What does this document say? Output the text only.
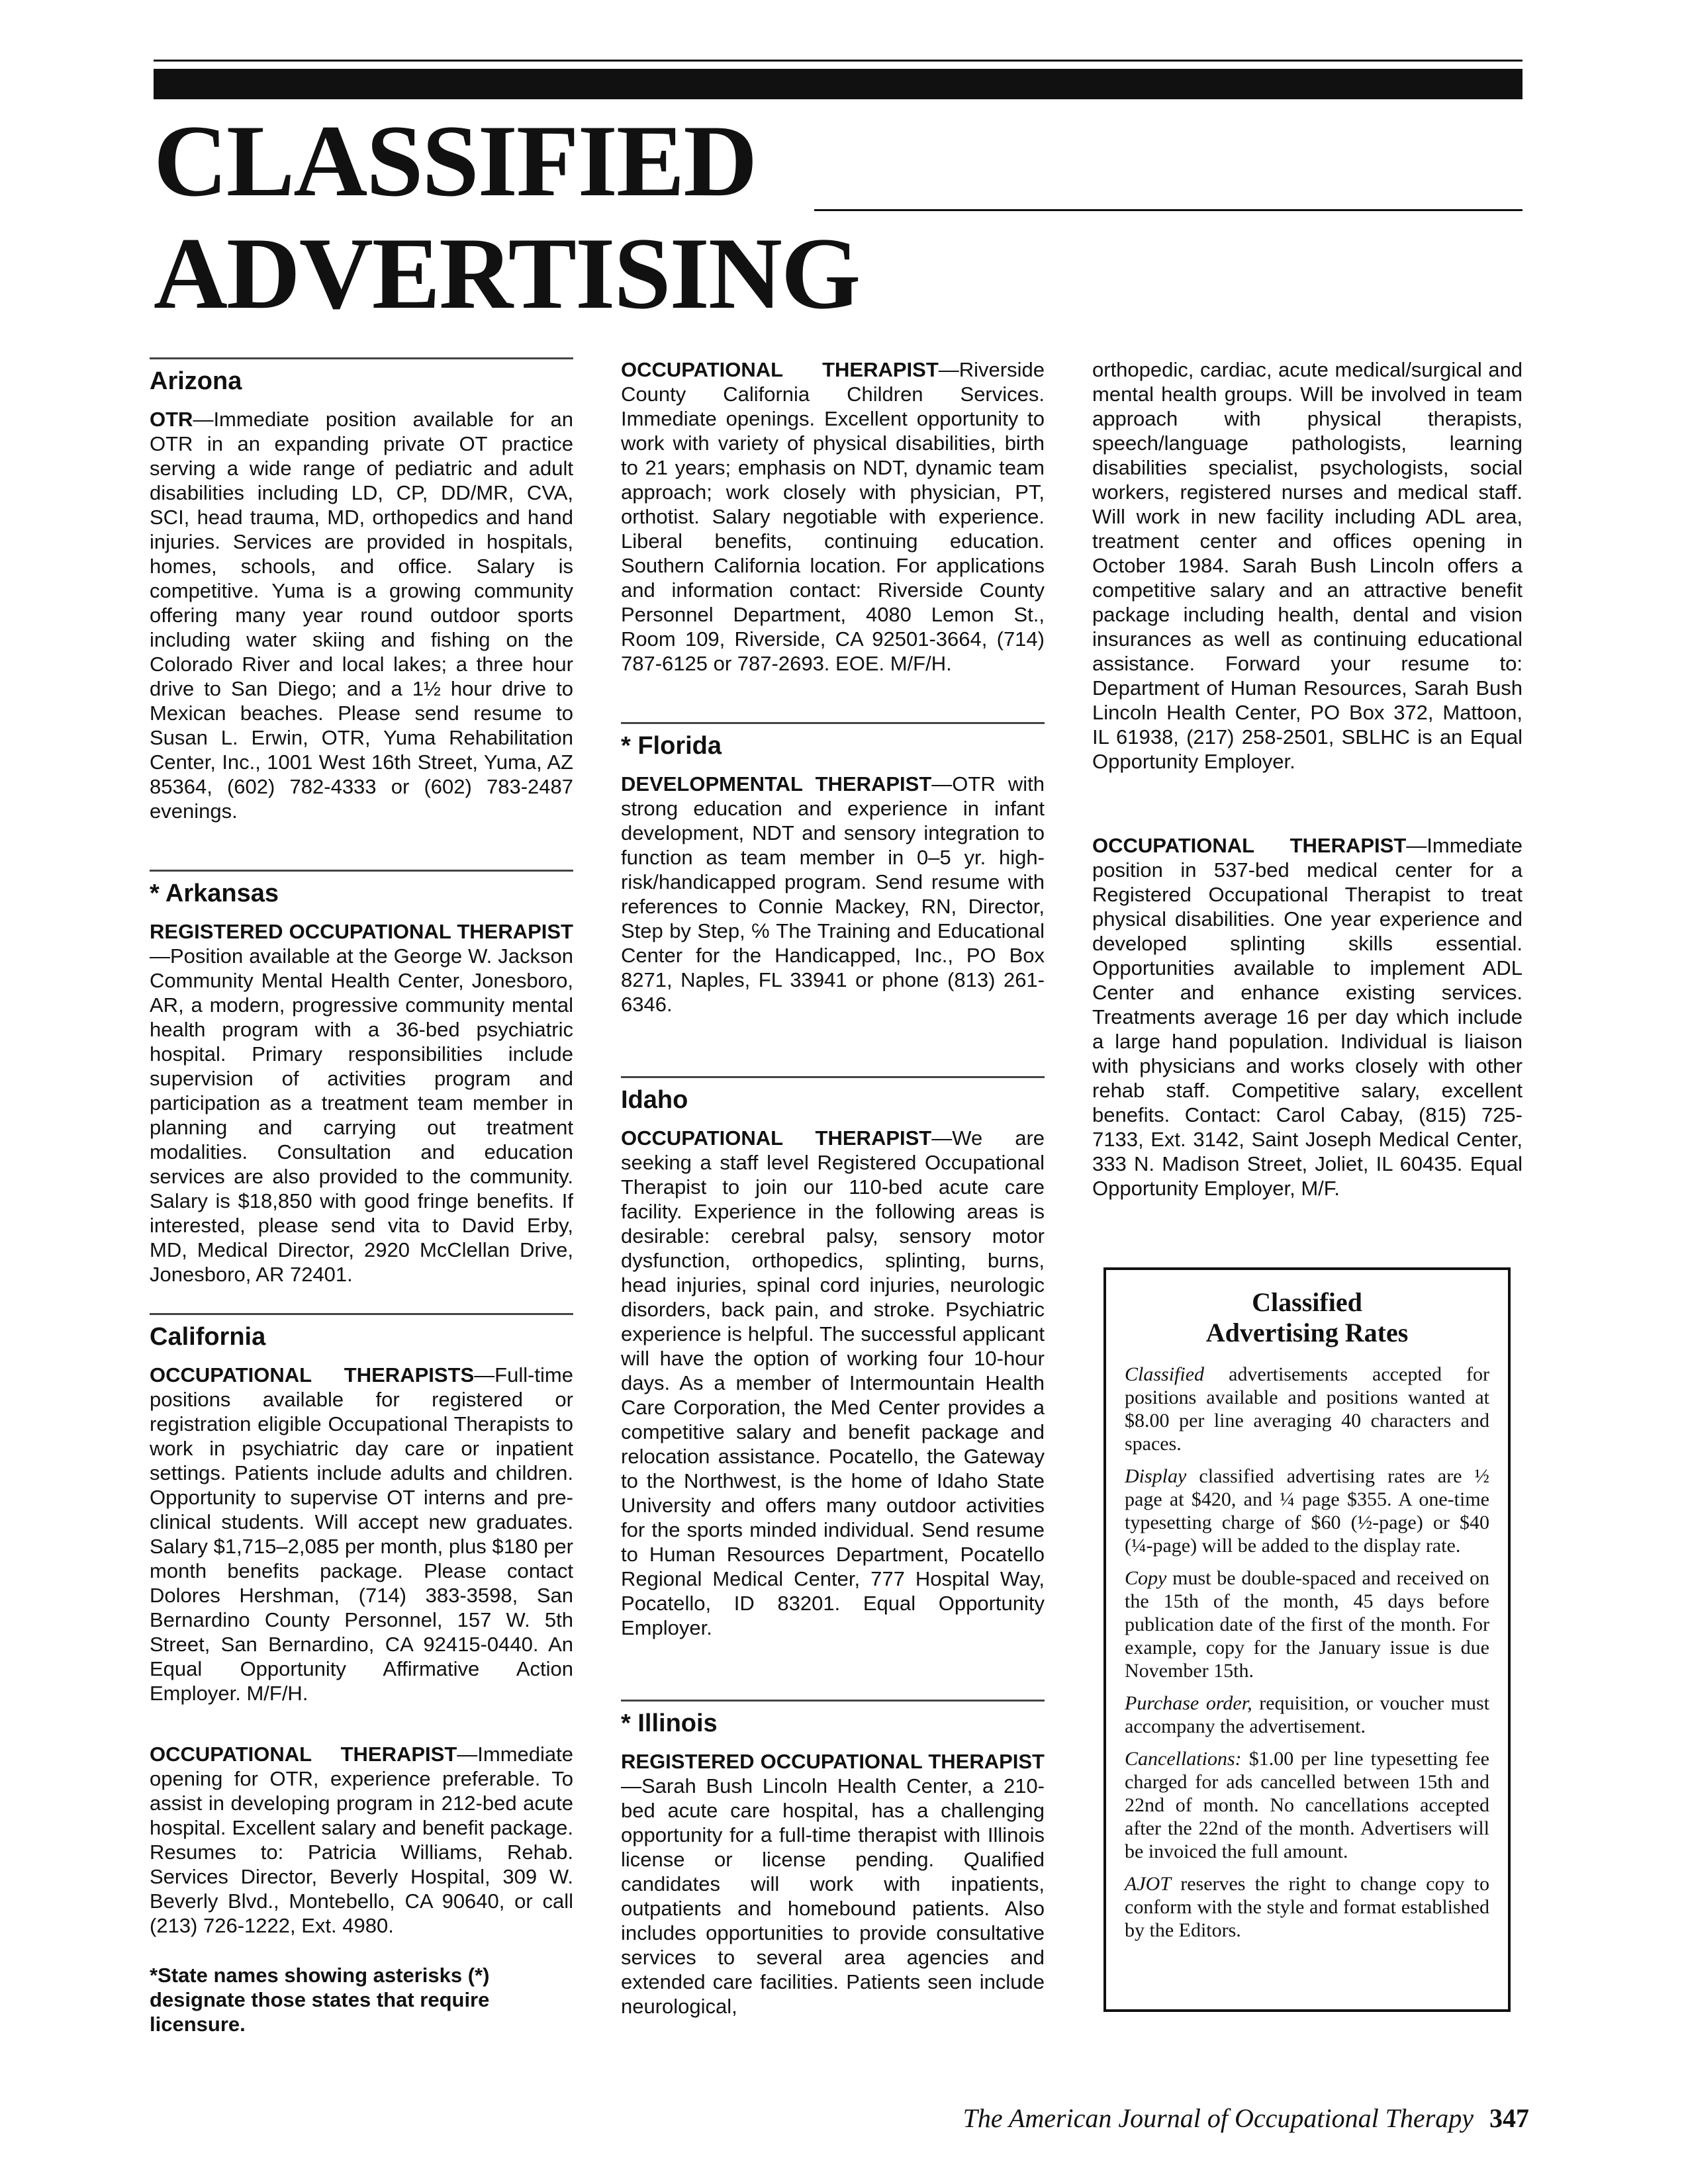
CLASSIFIED
ADVERTISING
Arizona

OTR—Immediate position available for an OTR in an expanding private OT practice serving a wide range of pediatric and adult disabilities including LD, CP, DD/MR, CVA, SCI, head trauma, MD, orthopedics and hand injuries. Services are provided in hospitals, homes, schools, and office. Salary is competitive. Yuma is a growing community offering many year round outdoor sports including water skiing and fishing on the Colorado River and local lakes; a three hour drive to San Diego; and a 1½ hour drive to Mexican beaches. Please send resume to Susan L. Erwin, OTR, Yuma Rehabilitation Center, Inc., 1001 West 16th Street, Yuma, AZ 85364, (602) 782-4333 or (602) 783-2487 evenings.

* Arkansas

REGISTERED OCCUPATIONAL THERAPIST—Position available at the George W. Jackson Community Mental Health Center, Jonesboro, AR, a modern, progressive community mental health program with a 36-bed psychiatric hospital. Primary responsibilities include supervision of activities program and participation as a treatment team member in planning and carrying out treatment modalities. Consultation and education services are also provided to the community. Salary is $18,850 with good fringe benefits. If interested, please send vita to David Erby, MD, Medical Director, 2920 McClellan Drive, Jonesboro, AR 72401.

California

OCCUPATIONAL THERAPISTS—Full-time positions available for registered or registration eligible Occupational Therapists to work in psychiatric day care or inpatient settings. Patients include adults and children. Opportunity to supervise OT interns and pre-clinical students. Will accept new graduates. Salary $1,715–2,085 per month, plus $180 per month benefits package. Please contact Dolores Hershman, (714) 383-3598, San Bernardino County Personnel, 157 W. 5th Street, San Bernardino, CA 92415-0440. An Equal Opportunity Affirmative Action Employer. M/F/H.

OCCUPATIONAL THERAPIST—Immediate opening for OTR, experience preferable. To assist in developing program in 212-bed acute hospital. Excellent salary and benefit package. Resumes to: Patricia Williams, Rehab. Services Director, Beverly Hospital, 309 W. Beverly Blvd., Montebello, CA 90640, or call (213) 726-1222, Ext. 4980.

*State names showing asterisks (*) designate those states that require licensure.

OCCUPATIONAL THERAPIST—Riverside County California Children Services. Immediate openings. Excellent opportunity to work with variety of physical disabilities, birth to 21 years; emphasis on NDT, dynamic team approach; work closely with physician, PT, orthotist. Salary negotiable with experience. Liberal benefits, continuing education. Southern California location. For applications and information contact: Riverside County Personnel Department, 4080 Lemon St., Room 109, Riverside, CA 92501-3664, (714) 787-6125 or 787-2693. EOE. M/F/H.

* Florida

DEVELOPMENTAL THERAPIST—OTR with strong education and experience in infant development, NDT and sensory integration to function as team member in 0–5 yr. high-risk/handicapped program. Send resume with references to Connie Mackey, RN, Director, Step by Step, ℅ The Training and Educational Center for the Handicapped, Inc., PO Box 8271, Naples, FL 33941 or phone (813) 261-6346.

Idaho

OCCUPATIONAL THERAPIST—We are seeking a staff level Registered Occupational Therapist to join our 110-bed acute care facility. Experience in the following areas is desirable: cerebral palsy, sensory motor dysfunction, orthopedics, splinting, burns, head injuries, spinal cord injuries, neurologic disorders, back pain, and stroke. Psychiatric experience is helpful. The successful applicant will have the option of working four 10-hour days. As a member of Intermountain Health Care Corporation, the Med Center provides a competitive salary and benefit package and relocation assistance. Pocatello, the Gateway to the Northwest, is the home of Idaho State University and offers many outdoor activities for the sports minded individual. Send resume to Human Resources Department, Pocatello Regional Medical Center, 777 Hospital Way, Pocatello, ID 83201. Equal Opportunity Employer.

* Illinois

REGISTERED OCCUPATIONAL THERAPIST—Sarah Bush Lincoln Health Center, a 210-bed acute care hospital, has a challenging opportunity for a full-time therapist with Illinois license or license pending. Qualified candidates will work with inpatients, outpatients and homebound patients. Also includes opportunities to provide consultative services to several area agencies and extended care facilities. Patients seen include neurological,

orthopedic, cardiac, acute medical/surgical and mental health groups. Will be involved in team approach with physical therapists, speech/language pathologists, learning disabilities specialist, psychologists, social workers, registered nurses and medical staff. Will work in new facility including ADL area, treatment center and offices opening in October 1984. Sarah Bush Lincoln offers a competitive salary and an attractive benefit package including health, dental and vision insurances as well as continuing educational assistance. Forward your resume to: Department of Human Resources, Sarah Bush Lincoln Health Center, PO Box 372, Mattoon, IL 61938, (217) 258-2501, SBLHC is an Equal Opportunity Employer.

OCCUPATIONAL THERAPIST—Immediate position in 537-bed medical center for a Registered Occupational Therapist to treat physical disabilities. One year experience and developed splinting skills essential. Opportunities available to implement ADL Center and enhance existing services. Treatments average 16 per day which include a large hand population. Individual is liaison with physicians and works closely with other rehab staff. Competitive salary, excellent benefits. Contact: Carol Cabay, (815) 725-7133, Ext. 3142, Saint Joseph Medical Center, 333 N. Madison Street, Joliet, IL 60435. Equal Opportunity Employer, M/F.

Classified
Advertising Rates

Classified advertisements accepted for positions available and positions wanted at $8.00 per line averaging 40 characters and spaces.

Display classified advertising rates are ½ page at $420, and ¼ page $355. A one-time typesetting charge of $60 (½-page) or $40 (¼-page) will be added to the display rate.

Copy must be double-spaced and received on the 15th of the month, 45 days before publication date of the first of the month. For example, copy for the January issue is due November 15th.

Purchase order, requisition, or voucher must accompany the advertisement.

Cancellations: $1.00 per line typesetting fee charged for ads cancelled between 15th and 22nd of month. No cancellations accepted after the 22nd of the month. Advertisers will be invoiced the full amount.

AJOT reserves the right to change copy to conform with the style and format established by the Editors.

The American Journal of Occupational Therapy 347
